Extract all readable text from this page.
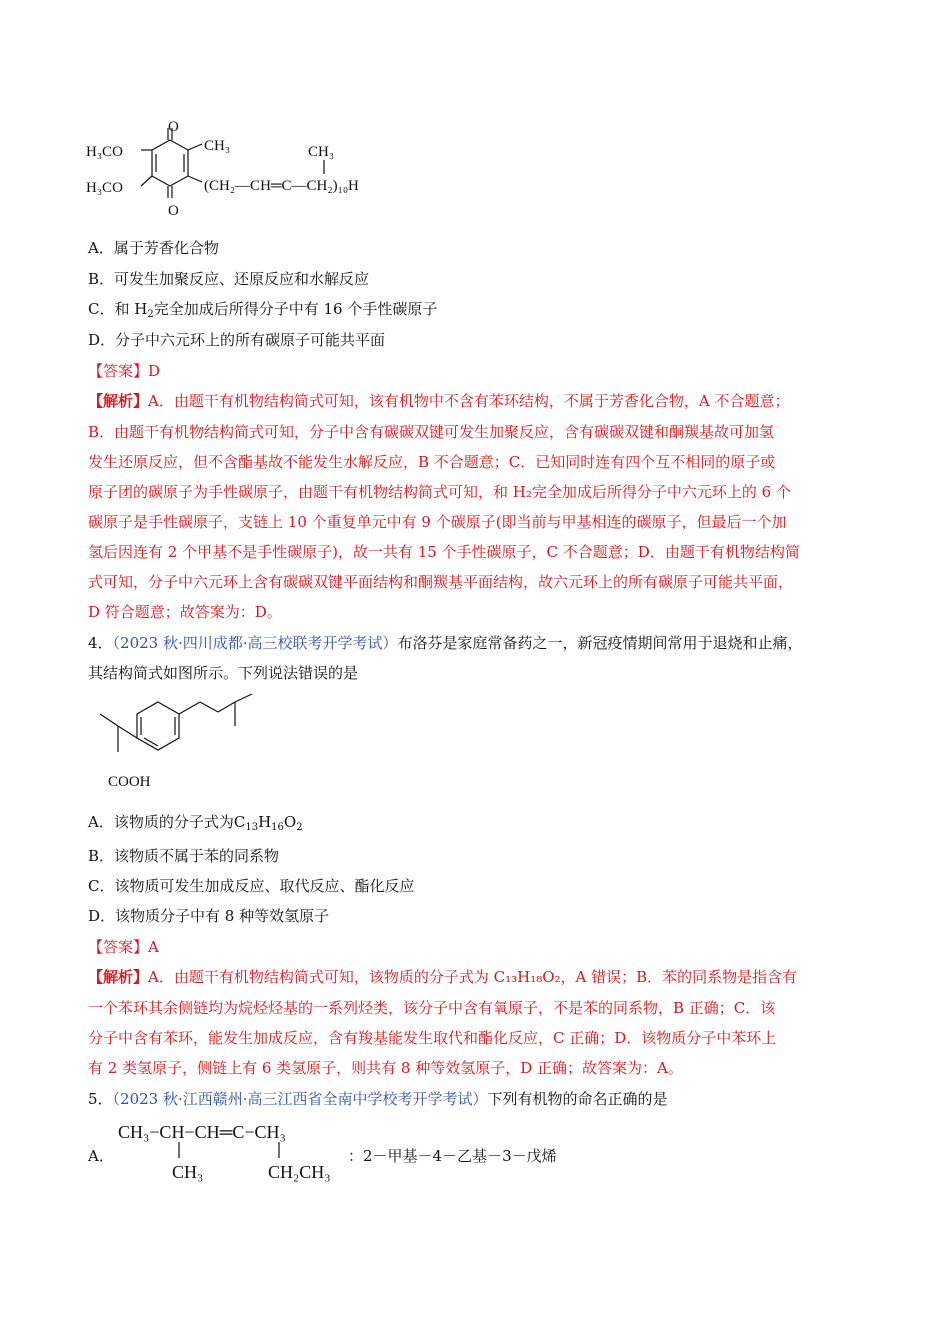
O
O
H₃CO
H₃CO
CH₃	CH₃
(CH₂—CH═C—CH₂)₁₀H
A．属于芳香化合物
B．可发生加聚反应、还原反应和水解反应
C．和 $H_2$完全加成后所得分子中有 16 个手性碳原子
D．分子中六元环上的所有碳原子可能共平面
【答案】D
【解析】A．由题干有机物结构简式可知，该有机物中不含有苯环结构，不属于芳香化合物，A 不合题意；
B．由题干有机物结构简式可知，分子中含有碳碳双键可发生加聚反应，含有碳碳双键和酮羰基故可加氢
发生还原反应，但不含酯基故不能发生水解反应，B 不合题意；C．已知同时连有四个互不相同的原子或
原子团的碳原子为手性碳原子，由题干有机物结构简式可知，和 H₂完全加成后所得分子中六元环上的 6 个
碳原子是手性碳原子，支链上 10 个重复单元中有 9 个碳原子(即当前与甲基相连的碳原子，但最后一个加
氢后因连有 2 个甲基不是手性碳原子)，故一共有 15 个手性碳原子，C 不合题意；D．由题干有机物结构简
式可知，分子中六元环上含有碳碳双键平面结构和酮羰基平面结构，故六元环上的所有碳原子可能共平面，
D 符合题意；故答案为：D。
4．（2023 秋·四川成都·高三校联考开学考试）布洛芬是家庭常备药之一，新冠疫情期间常用于退烧和止痛，
其结构简式如图所示。下列说法错误的是
COOH
A．该物质的分子式为$C_{13}H_{16}O_2$
B．该物质不属于苯的同系物
C．该物质可发生加成反应、取代反应、酯化反应
D．该物质分子中有 8 种等效氢原子
【答案】A
【解析】A．由题干有机物结构简式可知，该物质的分子式为 C₁₃H₁₈O₂，A 错误；B．苯的同系物是指含有
一个苯环其余侧链均为烷烃烃基的一系列烃类，该分子中含有氧原子，不是苯的同系物，B 正确；C．该
分子中含有苯环，能发生加成反应，含有羧基能发生取代和酯化反应，C 正确；D．该物质分子中苯环上
有 2 类氢原子，侧链上有 6 类氢原子，则共有 8 种等效氢原子，D 正确；故答案为：A。
5．（2023 秋·江西赣州·高三江西省全南中学校考开学考试）下列有机物的命名正确的是
A．
CH₃−CH−CH═C−CH₃
CH₃	CH₂CH₃
：2－甲基－4－乙基－3－戊烯
